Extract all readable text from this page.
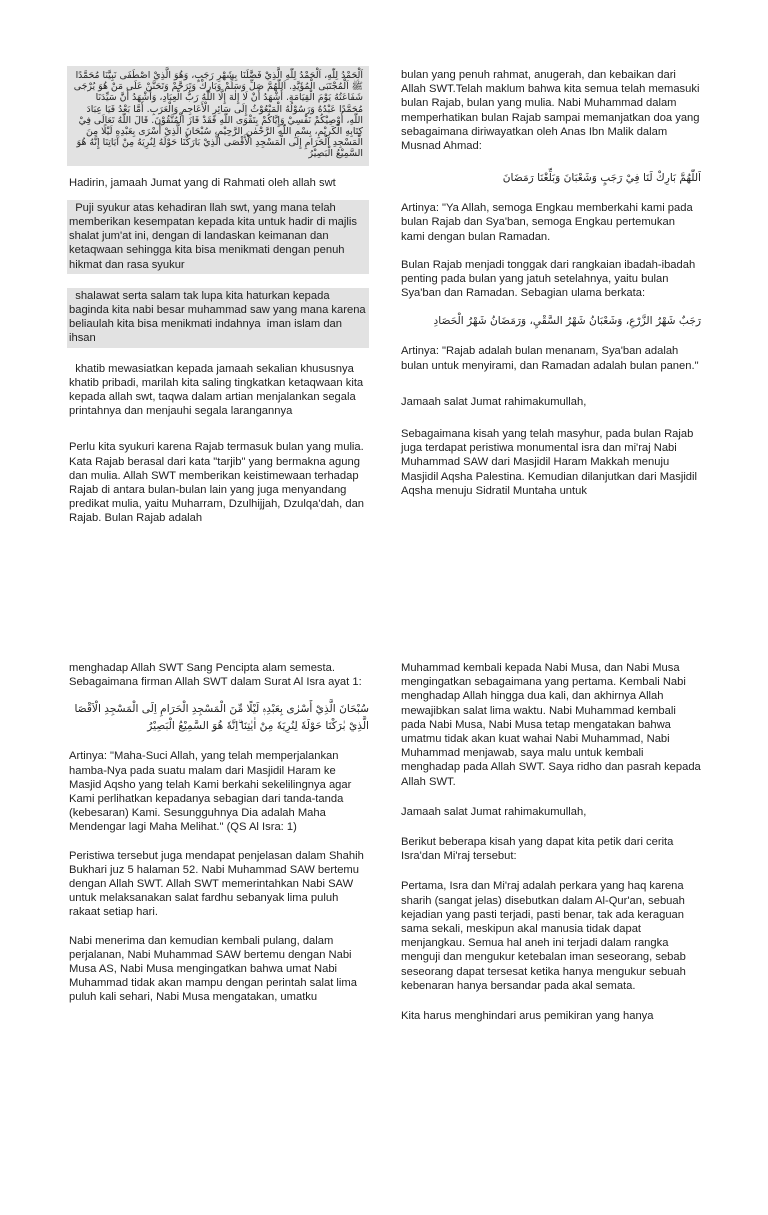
اَلْحَمْدُ لِلّٰهِ، اَلْحَمْدُ لِلّٰهِ الَّذِيْ فَضَّلَنَا بِشَهْرِ رَجَبٍ، وَهُوَ الَّذِيْ اصْطَفَى نَبِيَّنَا مُحَمَّدًا ﷺ اَلْمُجْتَبَى الْمُؤَيَّدِ. اَللّٰهُمَّ صَلِّ وَسَلِّمْ وَبَارِكْ وَتَرَحَّمْ وَتَحَنَّنْ عَلَى مَنْ هُوَ يُرْجَى شَفَاعَتُهُ يَوْمَ الْقِيَامَةِ. أَشْهَدُ أَنْ لَا إِلٰهَ إِلَّا اللّٰهُ رَبُّ الْعِبَادِ، وَأَشْهَدُ أَنَّ سَيِّدَنَا مُحَمَّدًا عَبْدُهُ وَرَسُوْلُهُ الْمَبْعُوْثُ إِلَى سَائِرِ الْأَعَاجِمِ وَالْعَرَبِ. أَمَّا بَعْدُ فَيَا عِبَادَ اللّٰهِ، أُوْصِيْكُمْ نَفْسِيْ وَإِيَّاكُمْ بِتَقْوَى اللّٰهِ فَقَدْ فَازَ الْمُتَّقُوْنَ. قَالَ اللّٰهُ تَعَالَى فِيْ كِتَابِهِ الْكَرِيْمِ، بِسْمِ اللّٰهِ الرَّحْمٰنِ الرَّحِيْمِ، سُبْحَانَ الَّذِيْ أَسْرَى بِعَبْدِهِ لَيْلًا مِنَ الْمَسْجِدِ الْحَرَامِ إِلَى الْمَسْجِدِ الْأَقْصَى الَّذِيْ بَارَكْنَا حَوْلَهُ لِنُرِيَهُ مِنْ آيَاتِنَا إِنَّهُ هُوَ السَّمِيْعُ الْبَصِيْرُ

Hadirin, jamaah Jumat yang di Rahmati oleh allah swt

Puji syukur atas kehadiran llah swt, yang mana telah memberikan kesempatan kepada kita untuk hadir di majlis shalat jum'at ini, dengan di landaskan keimanan dan ketaqwaan sehingga kita bisa menikmati dengan penuh hikmat dan rasa syukur

shalawat serta salam tak lupa kita haturkan kepada baginda kita nabi besar muhammad saw yang mana karena beliaulah kita bisa menikmati indahnya  iman islam dan ihsan

khatib mewasiatkan kepada jamaah sekalian khususnya khatib pribadi, marilah kita saling tingkatkan ketaqwaan kita kepada allah swt, taqwa dalam artian menjalankan segala printahnya dan menjauhi segala larangannya

Perlu kita syukuri karena Rajab termasuk bulan yang mulia. Kata Rajab berasal dari kata "tarjib" yang bermakna agung dan mulia. Allah SWT memberikan keistimewaan terhadap Rajab di antara bulan-bulan lain yang juga menyandang predikat mulia, yaitu Muharram, Dzulhijjah, Dzulqa'dah, dan Rajab. Bulan Rajab adalah

bulan yang penuh rahmat, anugerah, dan kebaikan dari Allah SWT.Telah maklum bahwa kita semua telah memasuki bulan Rajab, bulan yang mulia. Nabi Muhammad dalam memperhatikan bulan Rajab sampai memanjatkan doa yang sebagaimana diriwayatkan oleh Anas Ibn Malik dalam Musnad Ahmad:

اَللّٰهُمَّ بَارِكْ لَنَا فِيْ رَجَبٍ وَشَعْبَانَ وَبَلِّغْنَا رَمَضَانَ

Artinya: "Ya Allah, semoga Engkau memberkahi kami pada bulan Rajab dan Sya'ban, semoga Engkau pertemukan kami dengan bulan Ramadan.

Bulan Rajab menjadi tonggak dari rangkaian ibadah-ibadah penting pada bulan yang jatuh setelahnya, yaitu bulan Sya'ban dan Ramadan. Sebagian ulama berkata:

رَجَبٌ شَهْرُ الزَّرْعِ، وَشَعْبَانُ شَهْرُ السَّقْيِ، وَرَمَضَانُ شَهْرُ الْحَصَادِ

Artinya: "Rajab adalah bulan menanam, Sya'ban adalah bulan untuk menyirami, dan Ramadan adalah bulan panen."

Jamaah salat Jumat rahimakumullah,

Sebagaimana kisah yang telah masyhur, pada bulan Rajab juga terdapat peristiwa monumental isra dan mi'raj Nabi Muhammad SAW dari Masjidil Haram Makkah menuju Masjidil Aqsha Palestina. Kemudian dilanjutkan dari Masjidil Aqsha menuju Sidratil Muntaha untuk

menghadap Allah SWT Sang Pencipta alam semesta. Sebagaimana firman Allah SWT dalam Surat Al Isra ayat 1:

سُبْحَانَ الَّذِيْ أَسْرٰى بِعَبْدِهٖ لَيْلًا مِّنَ الْمَسْجِدِ الْحَرَامِ اِلَى الْمَسْجِدِ الْاَقْصَا الَّذِيْ بٰرَكْنَا حَوْلَهٗ لِنُرِيَهٗ مِنْ اٰيٰتِنَا ۗاِنَّهٗ هُوَ السَّمِيْعُ الْبَصِيْرُ

Artinya: "Maha-Suci Allah, yang telah memperjalankan hamba-Nya pada suatu malam dari Masjidil Haram ke Masjid Aqsho yang telah Kami berkahi sekelilingnya agar Kami perlihatkan kepadanya sebagian dari tanda-tanda (kebesaran) Kami. Sesungguhnya Dia adalah Maha Mendengar lagi Maha Melihat." (QS Al Isra: 1)

Peristiwa tersebut juga mendapat penjelasan dalam Shahih Bukhari juz 5 halaman 52. Nabi Muhammad SAW bertemu dengan Allah SWT. Allah SWT memerintahkan Nabi SAW untuk melaksanakan salat fardhu sebanyak lima puluh rakaat setiap hari.

Nabi menerima dan kemudian kembali pulang, dalam perjalanan, Nabi Muhammad SAW bertemu dengan Nabi Musa AS, Nabi Musa mengingatkan bahwa umat Nabi Muhammad tidak akan mampu dengan perintah salat lima puluh kali sehari, Nabi Musa mengatakan, umatku

Muhammad kembali kepada Nabi Musa, dan Nabi Musa mengingatkan sebagaimana yang pertama. Kembali Nabi menghadap Allah hingga dua kali, dan akhirnya Allah mewajibkan salat lima waktu. Nabi Muhammad kembali pada Nabi Musa, Nabi Musa tetap mengatakan bahwa umatmu tidak akan kuat wahai Nabi Muhammad, Nabi Muhammad menjawab, saya malu untuk kembali menghadap pada Allah SWT. Saya ridho dan pasrah kepada Allah SWT.

Jamaah salat Jumat rahimakumullah,

Berikut beberapa kisah yang dapat kita petik dari cerita Isra'dan Mi'raj tersebut:

Pertama, Isra dan Mi'raj adalah perkara yang haq karena sharih (sangat jelas) disebutkan dalam Al-Qur'an, sebuah kejadian yang pasti terjadi, pasti benar, tak ada keraguan sama sekali, meskipun akal manusia tidak dapat menjangkau. Semua hal aneh ini terjadi dalam rangka menguji dan mengukur ketebalan iman seseorang, sebab seseorang dapat tersesat ketika hanya mengukur sebuah kebenaran hanya bersandar pada akal semata.

Kita harus menghindari arus pemikiran yang hanya
